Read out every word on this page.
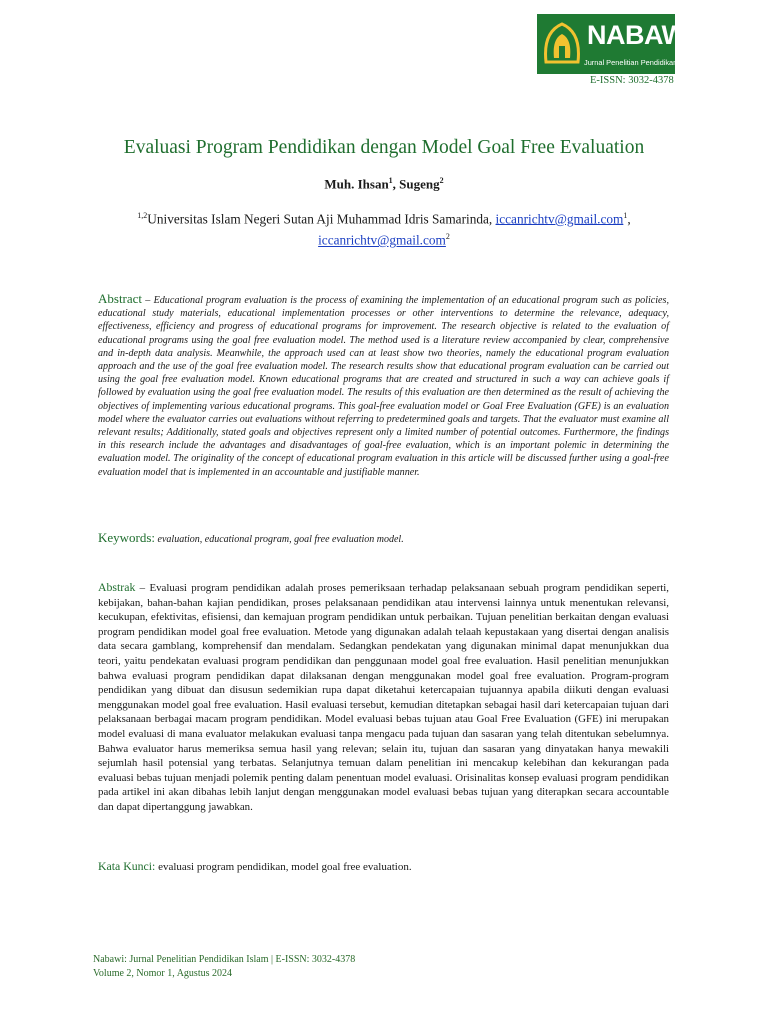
NABAWI
Jurnal Penelitian Pendidikan Islam
E-ISSN: 3032-4378
Evaluasi Program Pendidikan dengan Model Goal Free Evaluation
Muh. Ihsan$^1$, Sugeng$^2$
$^{1,2}$Universitas Islam Negeri Sutan Aji Muhammad Idris Samarinda, iccanrichtv@gmail.com$^1$,
iccanrichtv@gmail.com$^2$

Abstract – Educational program evaluation is the process of examining the implementation of an educational program such as policies, educational study materials, educational implementation processes or other interventions to determine the relevance, adequacy, effectiveness, efficiency and progress of educational programs for improvement. The research objective is related to the evaluation of educational programs using the goal free evaluation model. The method used is a literature review accompanied by clear, comprehensive and in-depth data analysis. Meanwhile, the approach used can at least show two theories, namely the educational program evaluation approach and the use of the goal free evaluation model. The research results show that educational program evaluation can be carried out using the goal free evaluation model. Known educational programs that are created and structured in such a way can achieve goals if followed by evaluation using the goal free evaluation model. The results of this evaluation are then determined as the result of achieving the objectives of implementing various educational programs. This goal-free evaluation model or Goal Free Evaluation (GFE) is an evaluation model where the evaluator carries out evaluations without referring to predetermined goals and targets. That the evaluator must examine all relevant results; Additionally, stated goals and objectives represent only a limited number of potential outcomes. Furthermore, the findings in this research include the advantages and disadvantages of goal-free evaluation, which is an important polemic in determining the evaluation model. The originality of the concept of educational program evaluation in this article will be discussed further using a goal-free evaluation model that is implemented in an accountable and justifiable manner.

Keywords: evaluation, educational program, goal free evaluation model.

Abstrak – Evaluasi program pendidikan adalah proses pemeriksaan terhadap pelaksanaan sebuah program pendidikan seperti, kebijakan, bahan-bahan kajian pendidikan, proses pelaksanaan pendidikan atau intervensi lainnya untuk menentukan relevansi, kecukupan, efektivitas, efisiensi, dan kemajuan program pendidikan untuk perbaikan. Tujuan penelitian berkaitan dengan evaluasi program pendidikan model goal free evaluation. Metode yang digunakan adalah telaah kepustakaan yang disertai dengan analisis data secara gamblang, komprehensif dan mendalam. Sedangkan pendekatan yang digunakan minimal dapat menunjukkan dua teori, yaitu pendekatan evaluasi program pendidikan dan penggunaan model goal free evaluation. Hasil penelitian menunjukkan bahwa evaluasi program pendidikan dapat dilaksanan dengan menggunakan model goal free evaluation. Program-program pendidikan yang dibuat dan disusun sedemikian rupa dapat diketahui ketercapaian tujuannya apabila diikuti dengan evaluasi menggunakan model goal free evaluation. Hasil evaluasi tersebut, kemudian ditetapkan sebagai hasil dari ketercapaian tujuan dari pelaksanaan berbagai macam program pendidikan. Model evaluasi bebas tujuan atau Goal Free Evaluation (GFE) ini merupakan model evaluasi di mana evaluator melakukan evaluasi tanpa mengacu pada tujuan dan sasaran yang telah ditentukan sebelumnya. Bahwa evaluator harus memeriksa semua hasil yang relevan; selain itu, tujuan dan sasaran yang dinyatakan hanya mewakili sejumlah hasil potensial yang terbatas. Selanjutnya temuan dalam penelitian ini mencakup kelebihan dan kekurangan pada evaluasi bebas tujuan menjadi polemik penting dalam penentuan model evaluasi. Orisinalitas konsep evaluasi program pendidikan pada artikel ini akan dibahas lebih lanjut dengan menggunakan model evaluasi bebas tujuan yang diterapkan secara accountable dan dapat dipertanggung jawabkan.

Kata Kunci: evaluasi program pendidikan, model goal free evaluation.

Nabawi: Jurnal Penelitian Pendidikan Islam | E-ISSN: 3032-4378
Volume 2, Nomor 1, Agustus 2024
